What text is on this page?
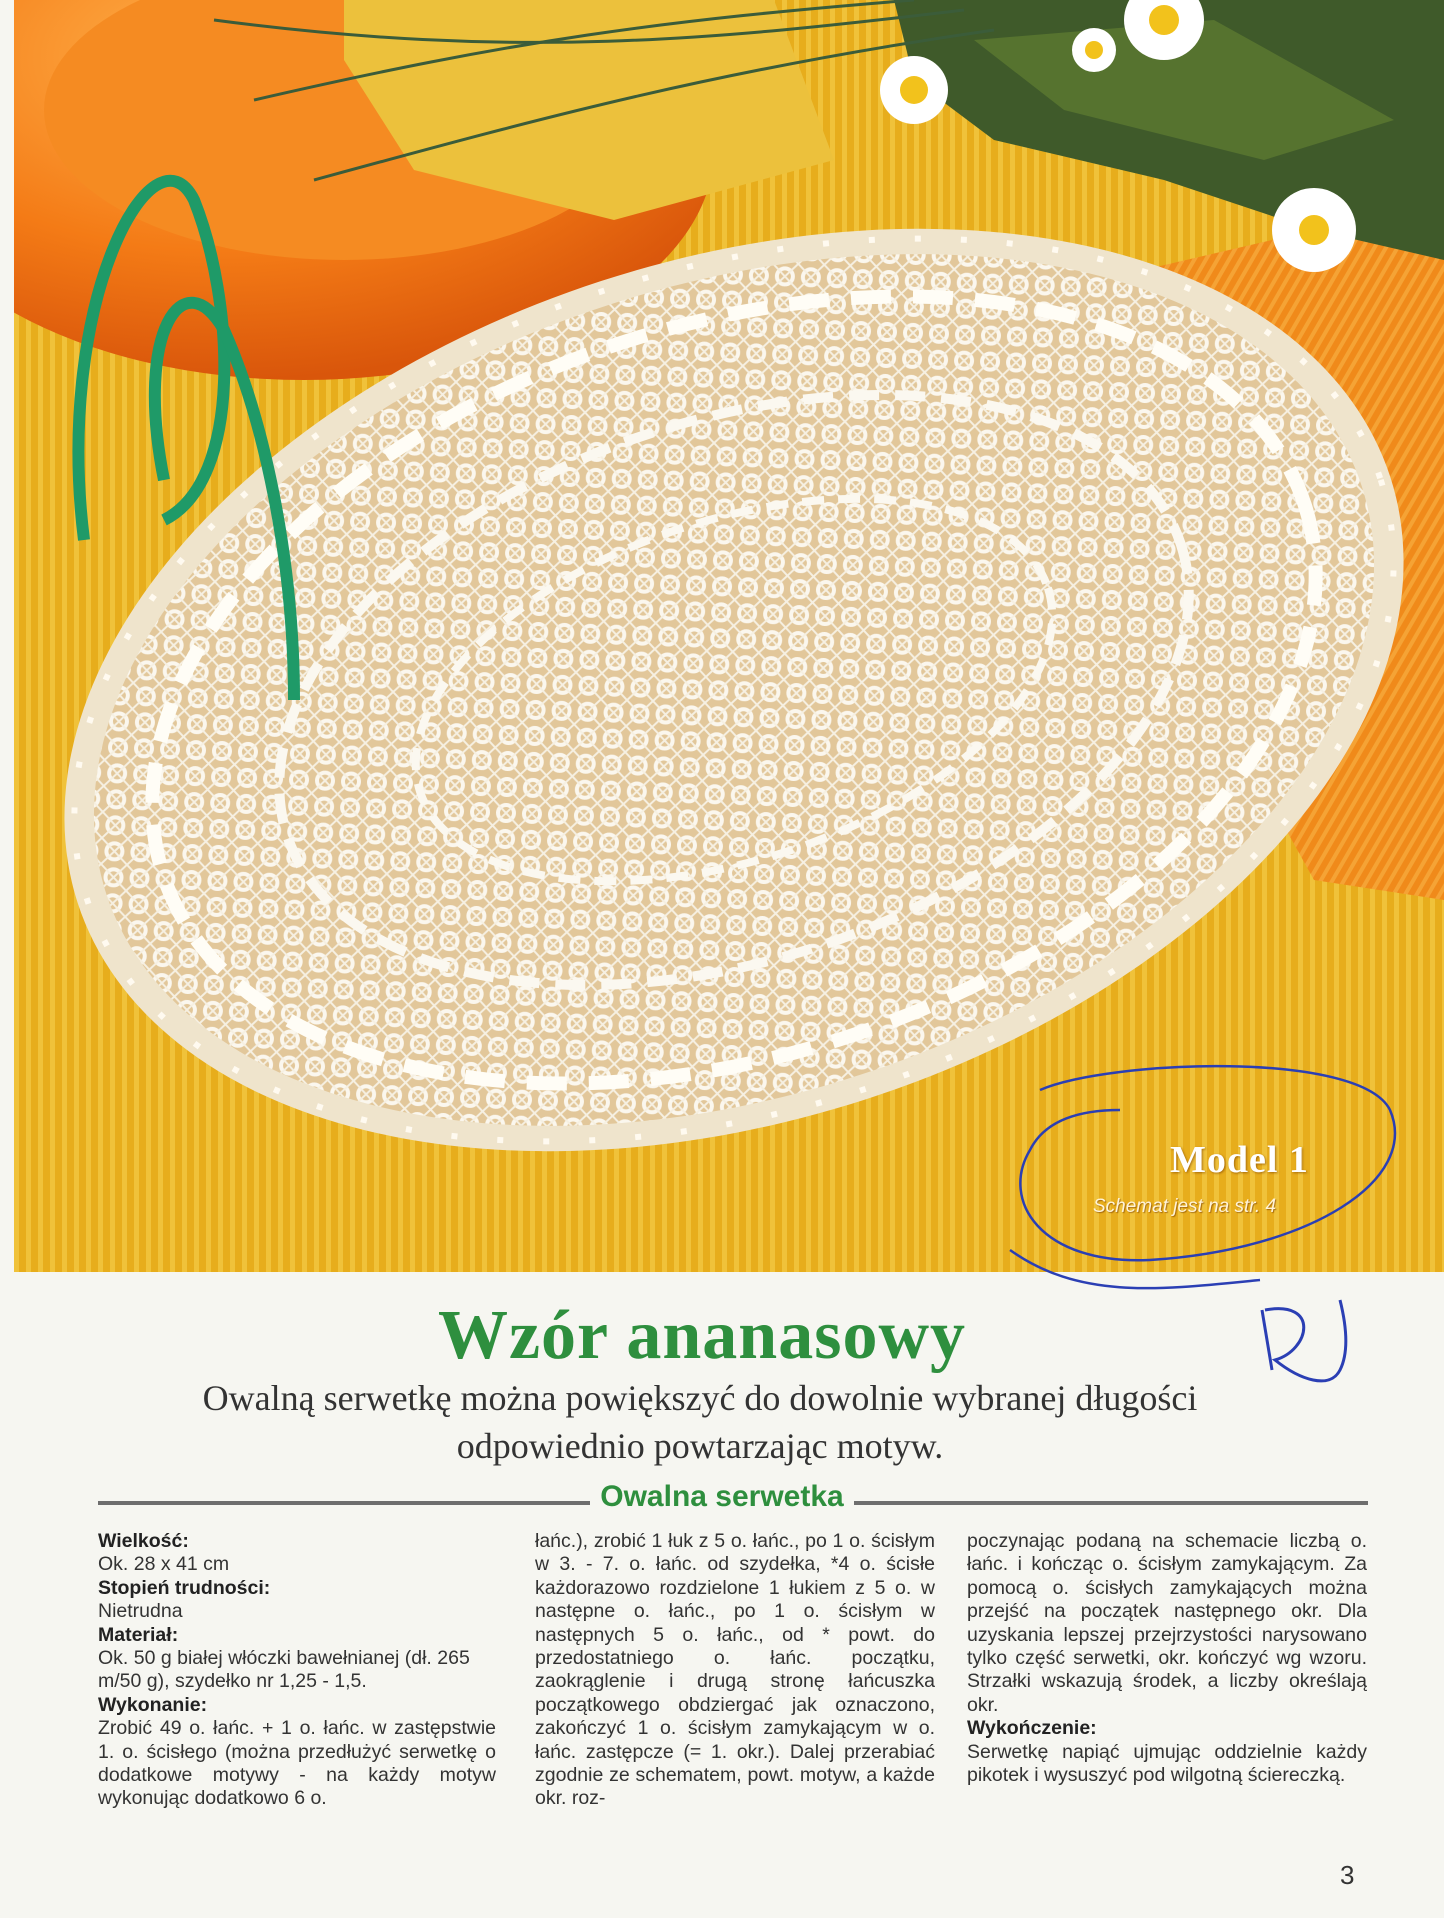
Model 1
Schemat jest na str. 4
Wzór ananasowy
Owalną serwetkę można powiększyć do dowolnie wybranej długości odpowiednio powtarzając motyw.
Owalna serwetka

Wielkość:

Ok. 28 x 41 cm

Stopień trudności:

Nietrudna

Materiał:

Ok. 50 g białej włóczki bawełnianej (dł. 265 m/50 g), szydełko nr 1,25 - 1,5.

Wykonanie:

Zrobić 49 o. łańc. + 1 o. łańc. w zastępstwie 1. o. ścisłego (można przedłużyć serwetkę o dodatkowe motywy - na każdy motyw wykonując dodatkowo 6 o.

łańc.), zrobić 1 łuk z 5 o. łańc., po 1 o. ścisłym w 3. - 7. o. łańc. od szydełka, *4 o. ścisłe każdorazowo rozdzielone 1 łukiem z 5 o. w następne o. łańc., po 1 o. ścisłym w następnych 5 o. łańc., od * powt. do przedostatniego o. łańc. początku, zaokrąglenie i drugą stronę łańcuszka początkowego obdziergać jak oznaczono, zakończyć 1 o. ścisłym zamykającym w o. łańc. zastępcze (= 1. okr.). Dalej przerabiać zgodnie ze schematem, powt. motyw, a każde okr. roz-

poczynając podaną na schemacie liczbą o. łańc. i kończąc o. ścisłym zamykającym. Za pomocą o. ścisłych zamykających można przejść na początek następnego okr. Dla uzyskania lepszej przejrzystości narysowano tylko część serwetki, okr. kończyć wg wzoru. Strzałki wskazują środek, a liczby określają okr.

Wykończenie:

Serwetkę napiąć ujmując oddzielnie każdy pikotek i wysuszyć pod wilgotną ściereczką.

3
